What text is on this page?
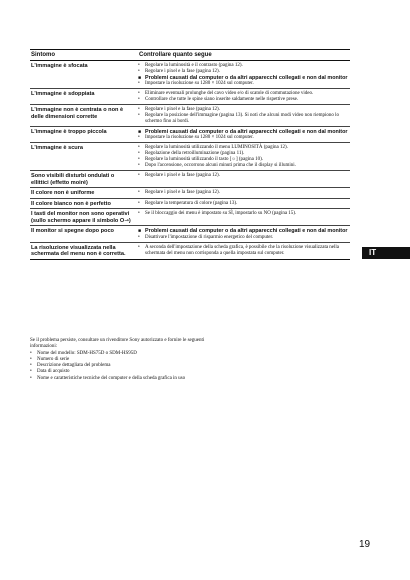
Sintomo	Controllare quanto segue
L'immagine è sfocata	•	Regolare la luminosità e il contrasto (pagina 12).
•	Regolare i pixel e la fase (pagina 12).
■ Problemi causati dal computer o da altri apparecchi collegati e non dal monitor
•	Impostare la risoluzione su 1280 × 1024 sul computer.
L'immagine è sdoppiata	•	Eliminare eventuali prolunghe del cavo video e/o di scatole di commutazione video.
•	Controllare che tutte le spine siano inserite saldamente nelle rispettive prese.
L'immagine non è centrata o non è delle dimensioni corrette
•	Regolare i pixel e la fase (pagina 12).
•	Regolare la posizione dell'immagine (pagina 13). Si noti che alcuni modi video non riempiono lo schermo fino ai bordi.
L'immagine è troppo piccola	■ Problemi causati dal computer o da altri apparecchi collegati e non dal monitor
•	Impostare la risoluzione su 1280 × 1024 sul computer.
L'immagine è scura	•	Regolare la luminosità utilizzando il menu LUMINOSITÀ (pagina 12).
•	Regolazione della retroilluminazione (pagina 11).
•	Regolare la luminosità utilizzando il tasto [☼] (pagina 10).
•	Dopo l'accensione, occorrono alcuni minuti prima che il display si illumini.
Sono visibili disturbi ondulati o ellittici (effetto moiré)
•	Regolare i pixel e la fase (pagina 12).
Il colore non è uniforme	•	Regolare i pixel e la fase (pagina 12).
Il colore bianco non è perfetto	•	Regolare la temperatura di colore (pagina 13).
I tasti del monitor non sono operativi (sullo schermo appare il simbolo O⊸)
•	Se il bloccaggio dei menu è impostato su SÌ, impostarlo su NO (pagina 15).
Il monitor si spegne dopo poco	■ Problemi causati dal computer o da altri apparecchi collegati e non dal monitor
•	Disattivare l'impostazione di risparmio energetico del computer.
La risoluzione visualizzata nella schermata del menu non è corretta.
•	A seconda dell'impostazione della scheda grafica, è possibile che la risoluzione visualizzata nella schermata del menu non corrisponda a quella impostata sul computer.	IT
Se il problema persiste, consultare un rivenditore Sony autorizzato e fornire le seguenti informazioni:
•	Nome del modello: SDM-HS75D o SDM-HS95D
•	Numero di serie
•	Descrizione dettagliata del problema
•	Data di acquisto
•	Nome e caratteristiche tecniche del computer e della scheda grafica in uso
19
